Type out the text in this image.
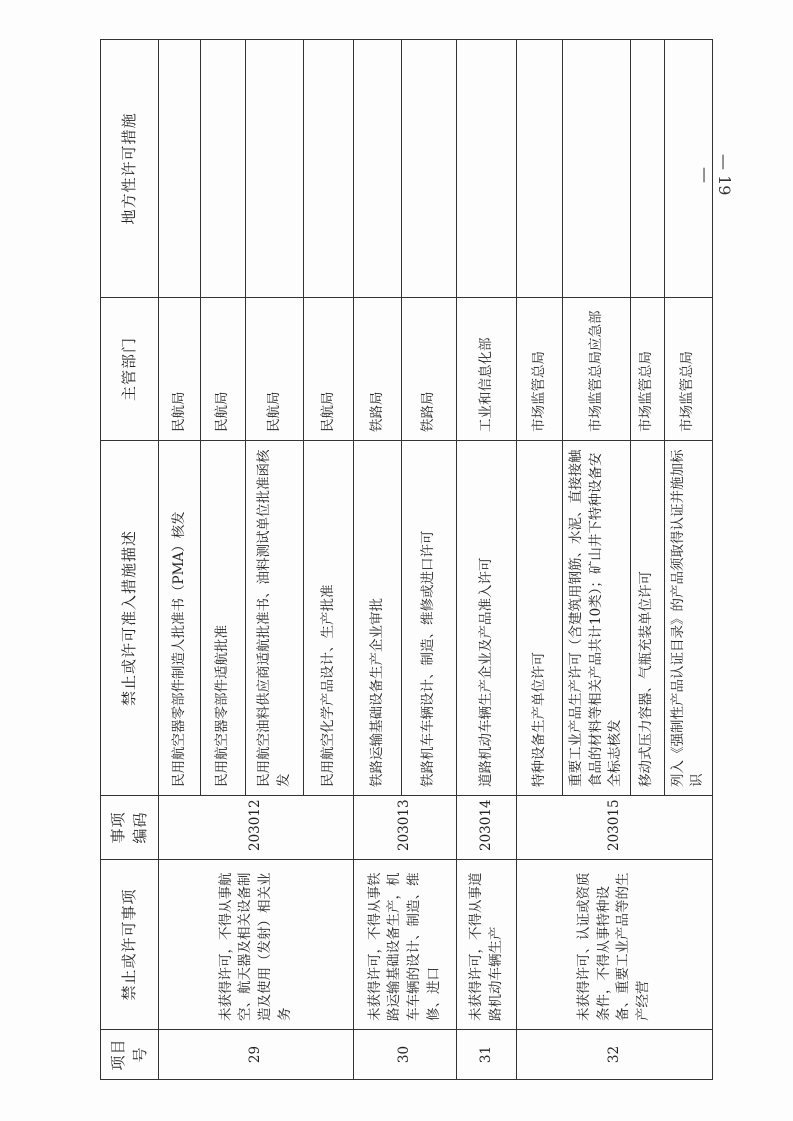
项目号	禁止或许可事项	事项编码	禁止或许可准入措施描述	主管部门	地方性许可措施
29	未获得许可，不得从事航空、航天器及相关设备制造及使用（发射）相关业务	203012	民用航空器零部件制造人批准书（PMA）核发	民航局	
			民用航空器零部件适航批准	民航局	
			民用航空油料供应商适航批准书、油料测试单位批准函核发	民航局	
			民用航空化学产品设计、生产批准	民航局	
30	未获得许可，不得从事铁路运输基础设备生产，机车车辆的设计、制造、维修、进口	203013	铁路运输基础设备生产企业审批	铁路局	
			铁路机车车辆设计、制造、维修或进口许可	铁路局	
31	未获得许可，不得从事道路机动车辆生产	203014	道路机动车辆生产企业及产品准入许可	工业和信息化部	
32	未获得许可、认证或资质条件，不得从事特种设备、重要工业产品等的生产经营	203015	特种设备生产单位许可	市场监管总局	
			重要工业产品生产许可（含建筑用钢筋、水泥、直接接触食品的材料等相关产品共计10类）；矿山井下特种设备安全标志核发	市场监管总局应急部	
			移动式压力容器、气瓶充装单位许可	市场监管总局	
			列入《强制性产品认证目录》的产品须取得认证并施加标识	市场监管总局	
— 19 —
